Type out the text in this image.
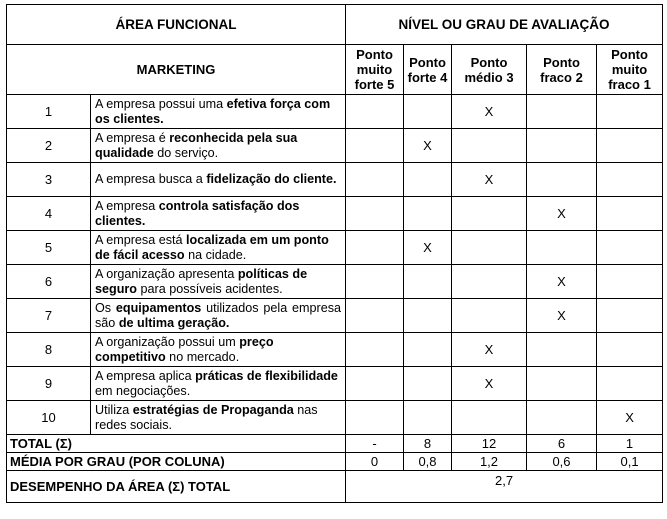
ÁREA FUNCIONAL		NÍVEL OU GRAU DE AVALIAÇÃO				
MARKETING		Ponto muito forte 5	Ponto forte 4	Ponto médio 3	Ponto fraco 2	Ponto muito fraco 1
1	A empresa possui uma efetiva força com os clientes.			X		
2	A empresa é reconhecida pela sua qualidade do serviço.		X			
3	A empresa busca a fidelização do cliente.			X		
4	A empresa controla satisfação dos clientes.				X	
5	A empresa está localizada em um ponto de fácil acesso na cidade.		X			
6	A organização apresenta políticas de seguro para possíveis acidentes.				X	
7	Os equipamentos utilizados pela empresa são de ultima geração.				X	
8	A organização possui um preço competitivo no mercado.			X		
9	A empresa aplica práticas de flexibilidade em negociações.			X		
10	Utiliza estratégias de Propaganda nas redes sociais.					X
TOTAL (Σ)		-	8	12	6	1
MÉDIA POR GRAU (POR COLUNA)		0	0,8	1,2	0,6	0,1
DESEMPENHO DA ÁREA (Σ) TOTAL		2,7				
